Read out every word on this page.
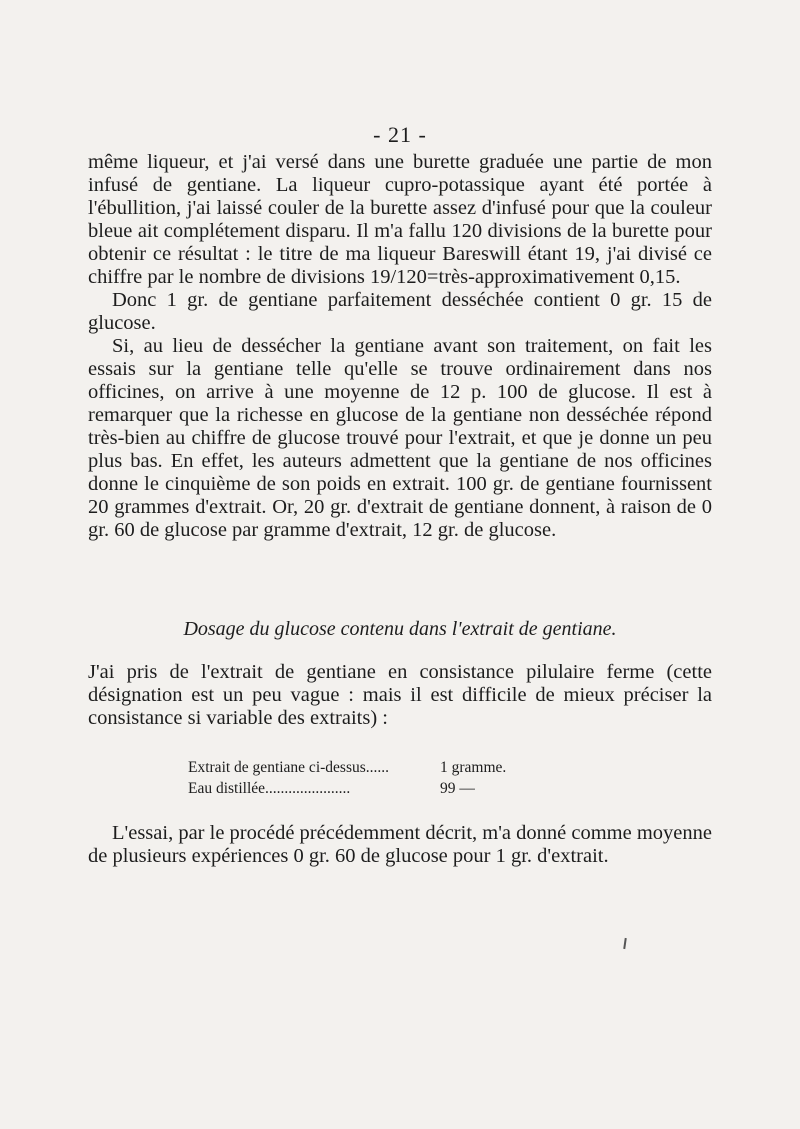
- 21 -

même liqueur, et j'ai versé dans une burette graduée une partie de mon infusé de gentiane. La liqueur cupro-potassique ayant été portée à l'ébullition, j'ai laissé couler de la burette assez d'infusé pour que la couleur bleue ait complétement disparu. Il m'a fallu 120 divisions de la burette pour obtenir ce résultat : le titre de ma liqueur Bareswill étant 19, j'ai divisé ce chiffre par le nombre de divisions 19/120=très-approximativement 0,15.

Donc 1 gr. de gentiane parfaitement desséchée contient 0 gr. 15 de glucose.

Si, au lieu de dessécher la gentiane avant son traitement, on fait les essais sur la gentiane telle qu'elle se trouve ordinairement dans nos officines, on arrive à une moyenne de 12 p. 100 de glucose. Il est à remarquer que la richesse en glucose de la gentiane non desséchée répond très-bien au chiffre de glucose trouvé pour l'extrait, et que je donne un peu plus bas. En effet, les auteurs admettent que la gentiane de nos officines donne le cinquième de son poids en extrait. 100 gr. de gentiane fournissent 20 grammes d'extrait. Or, 20 gr. d'extrait de gentiane donnent, à raison de 0 gr. 60 de glucose par gramme d'extrait, 12 gr. de glucose.

Dosage du glucose contenu dans l'extrait de gentiane.
J'ai pris de l'extrait de gentiane en consistance pilulaire ferme (cette désignation est un peu vague : mais il est difficile de mieux préciser la consistance si variable des extraits) :
Extrait de gentiane ci-dessus......	1 gramme.
Eau distillée......................	99 —
L'essai, par le procédé précédemment décrit, m'a donné comme moyenne de plusieurs expériences 0 gr. 60 de glucose pour 1 gr. d'extrait.
